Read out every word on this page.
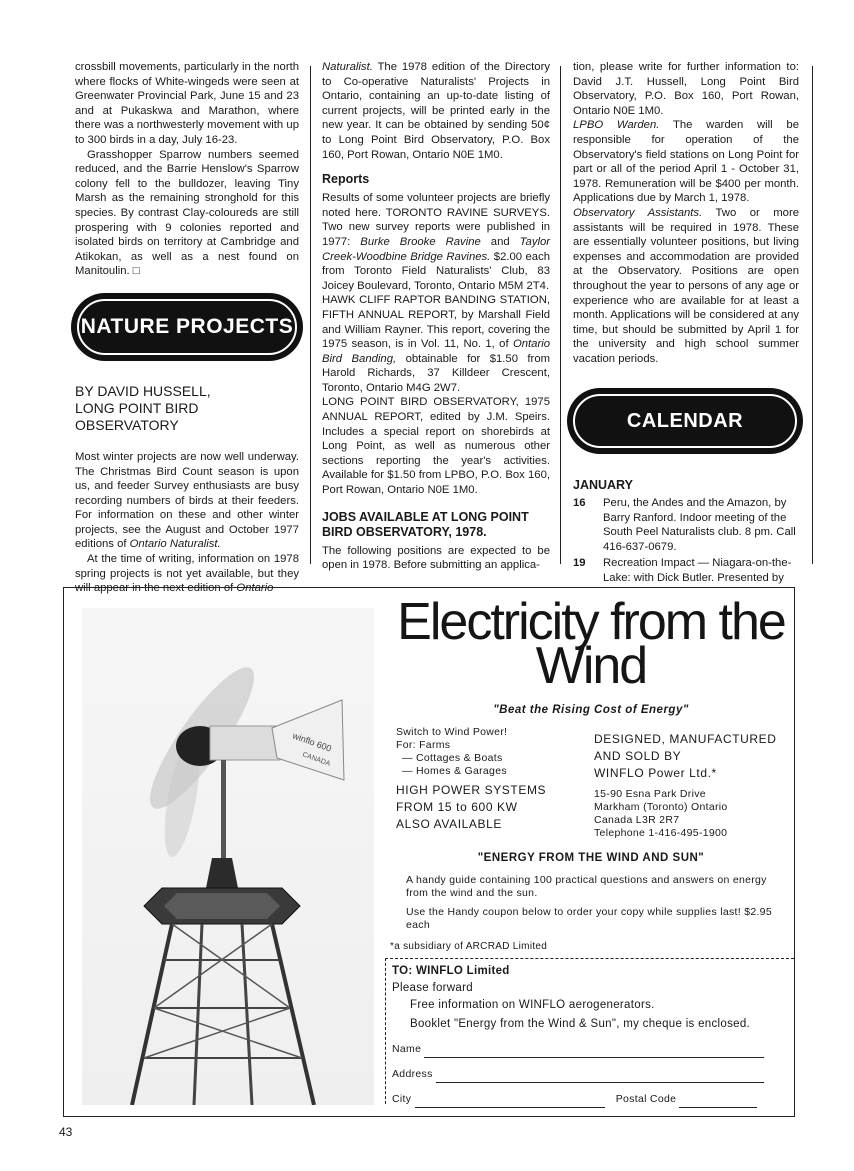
crossbill movements, particularly in the north where flocks of White-wingeds were seen at Greenwater Provincial Park, June 15 and 23 and at Pukaskwa and Marathon, where there was a northwesterly movement with up to 300 birds in a day, July 16-23.

Grasshopper Sparrow numbers seemed reduced, and the Barrie Henslow's Sparrow colony fell to the bulldozer, leaving Tiny Marsh as the remaining stronghold for this species. By contrast Clay-coloureds are still prospering with 9 colonies reported and isolated birds on territory at Cambridge and Atikokan, as well as a nest found on Manitoulin. □

NATURE PROJECTS
BY DAVID HUSSELL,
LONG POINT BIRD OBSERVATORY

Most winter projects are now well underway. The Christmas Bird Count season is upon us, and feeder Survey enthusiasts are busy recording numbers of birds at their feeders. For information on these and other winter projects, see the August and October 1977 editions of Ontario Naturalist.

At the time of writing, information on 1978 spring projects is not yet available, but they will appear in the next edition of Ontario

Naturalist. The 1978 edition of the Directory to Co-operative Naturalists' Projects in Ontario, containing an up-to-date listing of current projects, will be printed early in the new year. It can be obtained by sending 50¢ to Long Point Bird Observatory, P.O. Box 160, Port Rowan, Ontario N0E 1M0.

Reports

Results of some volunteer projects are briefly noted here. TORONTO RAVINE SURVEYS. Two new survey reports were published in 1977: Burke Brooke Ravine and Taylor Creek-Woodbine Bridge Ravines. $2.00 each from Toronto Field Naturalists' Club, 83 Joicey Boulevard, Toronto, Ontario M5M 2T4.

HAWK CLIFF RAPTOR BANDING STATION, FIFTH ANNUAL REPORT, by Marshall Field and William Rayner. This report, covering the 1975 season, is in Vol. 11, No. 1, of Ontario Bird Banding, obtainable for $1.50 from Harold Richards, 37 Killdeer Crescent, Toronto, Ontario M4G 2W7.

LONG POINT BIRD OBSERVATORY, 1975 ANNUAL REPORT, edited by J.M. Speirs. Includes a special report on shorebirds at Long Point, as well as numerous other sections reporting the year's activities. Available for $1.50 from LPBO, P.O. Box 160, Port Rowan, Ontario N0E 1M0.

JOBS AVAILABLE AT LONG POINT BIRD OBSERVATORY, 1978.

The following positions are expected to be open in 1978. Before submitting an applica-

tion, please write for further information to: David J.T. Hussell, Long Point Bird Observatory, P.O. Box 160, Port Rowan, Ontario N0E 1M0.

LPBO Warden. The warden will be responsible for operation of the Observatory's field stations on Long Point for part or all of the period April 1 - October 31, 1978. Remuneration will be $400 per month. Applications due by March 1, 1978.

Observatory Assistants. Two or more assistants will be required in 1978. These are essentially volunteer positions, but living expenses and accommodation are provided at the Observatory. Positions are open throughout the year to persons of any age or experience who are available for at least a month. Applications will be considered at any time, but should be submitted by April 1 for the university and high school summer vacation periods.

CALENDAR
JANUARY
16	Peru, the Andes and the Amazon, by Barry Ranford. Indoor meeting of the South Peel Naturalists club. 8 pm. Call 416-637-0679.
19	Recreation Impact — Niagara-on-the-Lake: with Dick Butler. Presented by
winflo 600
CANADA
Electricity from the
Wind
"Beat the Rising Cost of Energy"
Switch to Wind Power!
For: Farms
— Cottages & Boats
— Homes & Garages
HIGH POWER SYSTEMS
FROM 15 to 600 KW
ALSO AVAILABLE
DESIGNED, MANUFACTURED
AND SOLD BY
WINFLO Power Ltd.*
15-90 Esna Park Drive
Markham (Toronto) Ontario
Canada L3R 2R7
Telephone 1-416-495-1900
"ENERGY FROM THE WIND AND SUN"
A handy guide containing 100 practical questions and answers on energy from the wind and the sun.
Use the Handy coupon below to order your copy while supplies last! $2.95 each
*a subsidiary of ARCRAD Limited
TO: WINFLO Limited
Please forward
Free information on WINFLO aerogenerators.
Booklet "Energy from the Wind & Sun", my cheque is enclosed.
Name
Address
City	Postal Code
43
